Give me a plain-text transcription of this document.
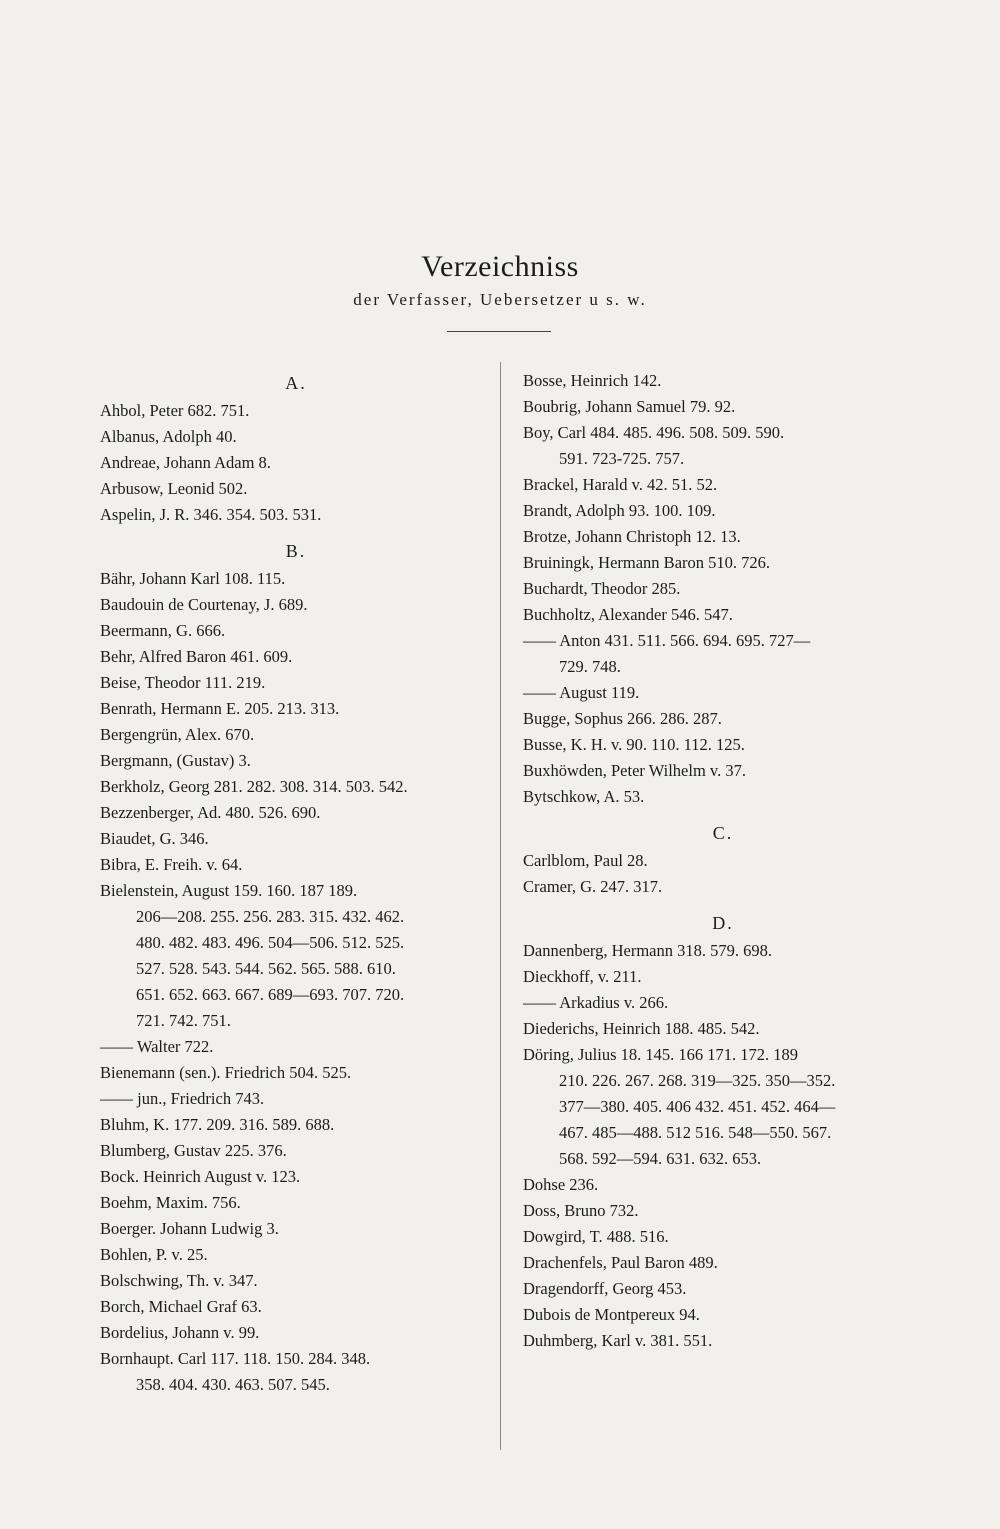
Verzeichniss
der Verfasser, Uebersetzer u s. w.
A.
Ahbol, Peter 682. 751.
Albanus, Adolph 40.
Andreae, Johann Adam 8.
Arbusow, Leonid 502.
Aspelin, J. R. 346. 354. 503. 531.
B.
Bähr, Johann Karl 108. 115.
Baudouin de Courtenay, J. 689.
Beermann, G. 666.
Behr, Alfred Baron 461. 609.
Beise, Theodor 111. 219.
Benrath, Hermann E. 205. 213. 313.
Bergengrün, Alex. 670.
Bergmann, (Gustav) 3.
Berkholz, Georg 281. 282. 308. 314. 503. 542.
Bezzenberger, Ad. 480. 526. 690.
Biaudet, G. 346.
Bibra, E. Freih. v. 64.
Bielenstein, August 159. 160. 187 189.
206—208. 255. 256. 283. 315. 432. 462.
480. 482. 483. 496. 504—506. 512. 525.
527. 528. 543. 544. 562. 565. 588. 610.
651. 652. 663. 667. 689—693. 707. 720.
721. 742. 751.
—— Walter 722.
Bienemann (sen.). Friedrich 504. 525.
—— jun., Friedrich 743.
Bluhm, K. 177. 209. 316. 589. 688.
Blumberg, Gustav 225. 376.
Bock. Heinrich August v. 123.
Boehm, Maxim. 756.
Boerger. Johann Ludwig 3.
Bohlen, P. v. 25.
Bolschwing, Th. v. 347.
Borch, Michael Graf 63.
Bordelius, Johann v. 99.
Bornhaupt. Carl 117. 118. 150. 284. 348.
358. 404. 430. 463. 507. 545.
Bosse, Heinrich 142.
Boubrig, Johann Samuel 79. 92.
Boy, Carl 484. 485. 496. 508. 509. 590.
591. 723-725. 757.
Brackel, Harald v. 42. 51. 52.
Brandt, Adolph 93. 100. 109.
Brotze, Johann Christoph 12. 13.
Bruiningk, Hermann Baron 510. 726.
Buchardt, Theodor 285.
Buchholtz, Alexander 546. 547.
—— Anton 431. 511. 566. 694. 695. 727—
729. 748.
—— August 119.
Bugge, Sophus 266. 286. 287.
Busse, K. H. v. 90. 110. 112. 125.
Buxhöwden, Peter Wilhelm v. 37.
Bytschkow, A. 53.
C.
Carlblom, Paul 28.
Cramer, G. 247. 317.
D.
Dannenberg, Hermann 318. 579. 698.
Dieckhoff, v. 211.
—— Arkadius v. 266.
Diederichs, Heinrich 188. 485. 542.
Döring, Julius 18. 145. 166 171. 172. 189
210. 226. 267. 268. 319—325. 350—352.
377—380. 405. 406 432. 451. 452. 464—
467. 485—488. 512 516. 548—550. 567.
568. 592—594. 631. 632. 653.
Dohse 236.
Doss, Bruno 732.
Dowgird, T. 488. 516.
Drachenfels, Paul Baron 489.
Dragendorff, Georg 453.
Dubois de Montpereux 94.
Duhmberg, Karl v. 381. 551.
